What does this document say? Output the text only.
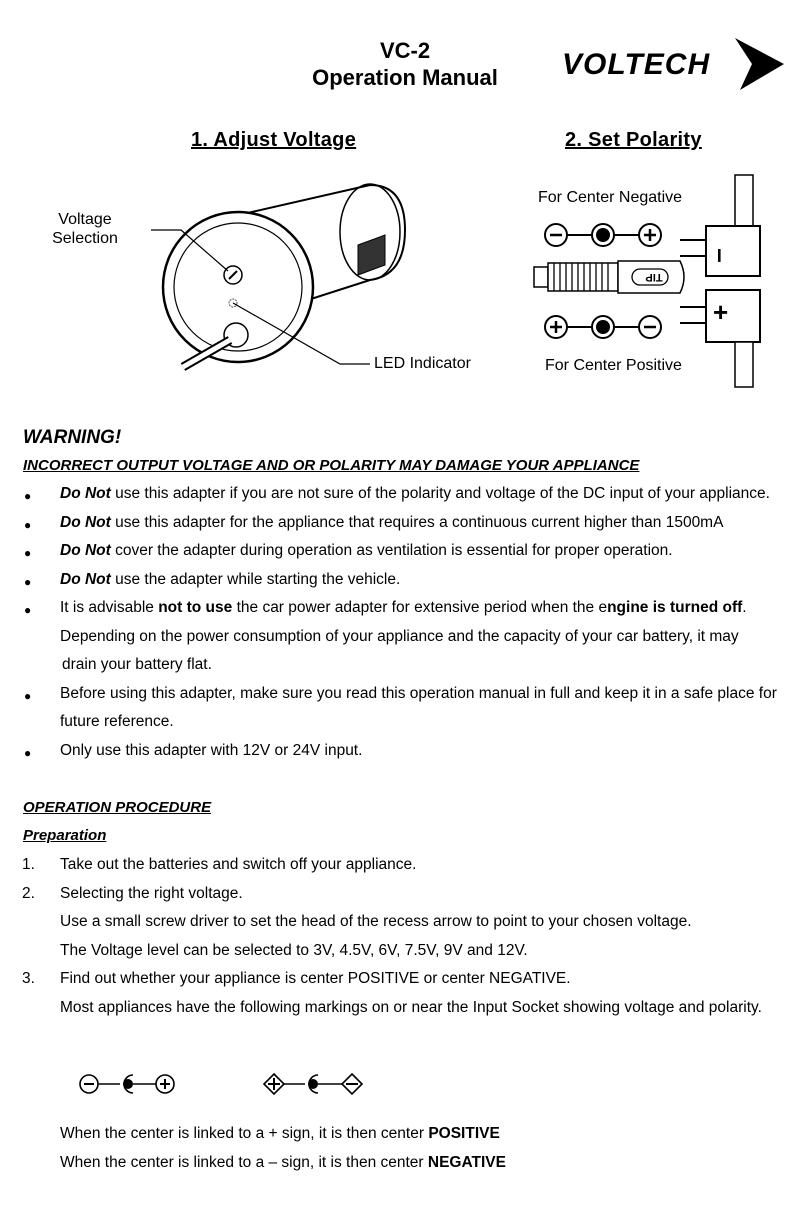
VC-2
Operation Manual	VOLTECH
1. Adjust Voltage	2. Set Polarity
Voltage
Selection
LED Indicator
For Center Negative
For Center Positive
TIP
–
+
WARNING!
INCORRECT OUTPUT VOLTAGE AND OR POLARITY MAY DAMAGE YOUR APPLIANCE
● Do Not use this adapter if you are not sure of the polarity and voltage of the DC input of your appliance.
● Do Not use this adapter for the appliance that requires a continuous current higher than 1500mA
● Do Not cover the adapter during operation as ventilation is essential for proper operation.
● Do Not use the adapter while starting the vehicle.
● It is advisable not to use the car power adapter for extensive period when the engine is turned off.
Depending on the power consumption of your appliance and the capacity of your car battery, it may
drain your battery flat.
● Before using this adapter, make sure you read this operation manual in full and keep it in a safe place for
future reference.
● Only use this adapter with 12V or 24V input.
OPERATION PROCEDURE
Preparation
1. Take out the batteries and switch off your appliance.
2. Selecting the right voltage.
Use a small screw driver to set the head of the recess arrow to point to your chosen voltage.
The Voltage level can be selected to 3V, 4.5V, 6V, 7.5V, 9V and 12V.
3. Find out whether your appliance is center POSITIVE or center NEGATIVE.
Most appliances have the following markings on or near the Input Socket showing voltage and polarity.
When the center is linked to a + sign, it is then center POSITIVE
When the center is linked to a – sign, it is then center NEGATIVE
